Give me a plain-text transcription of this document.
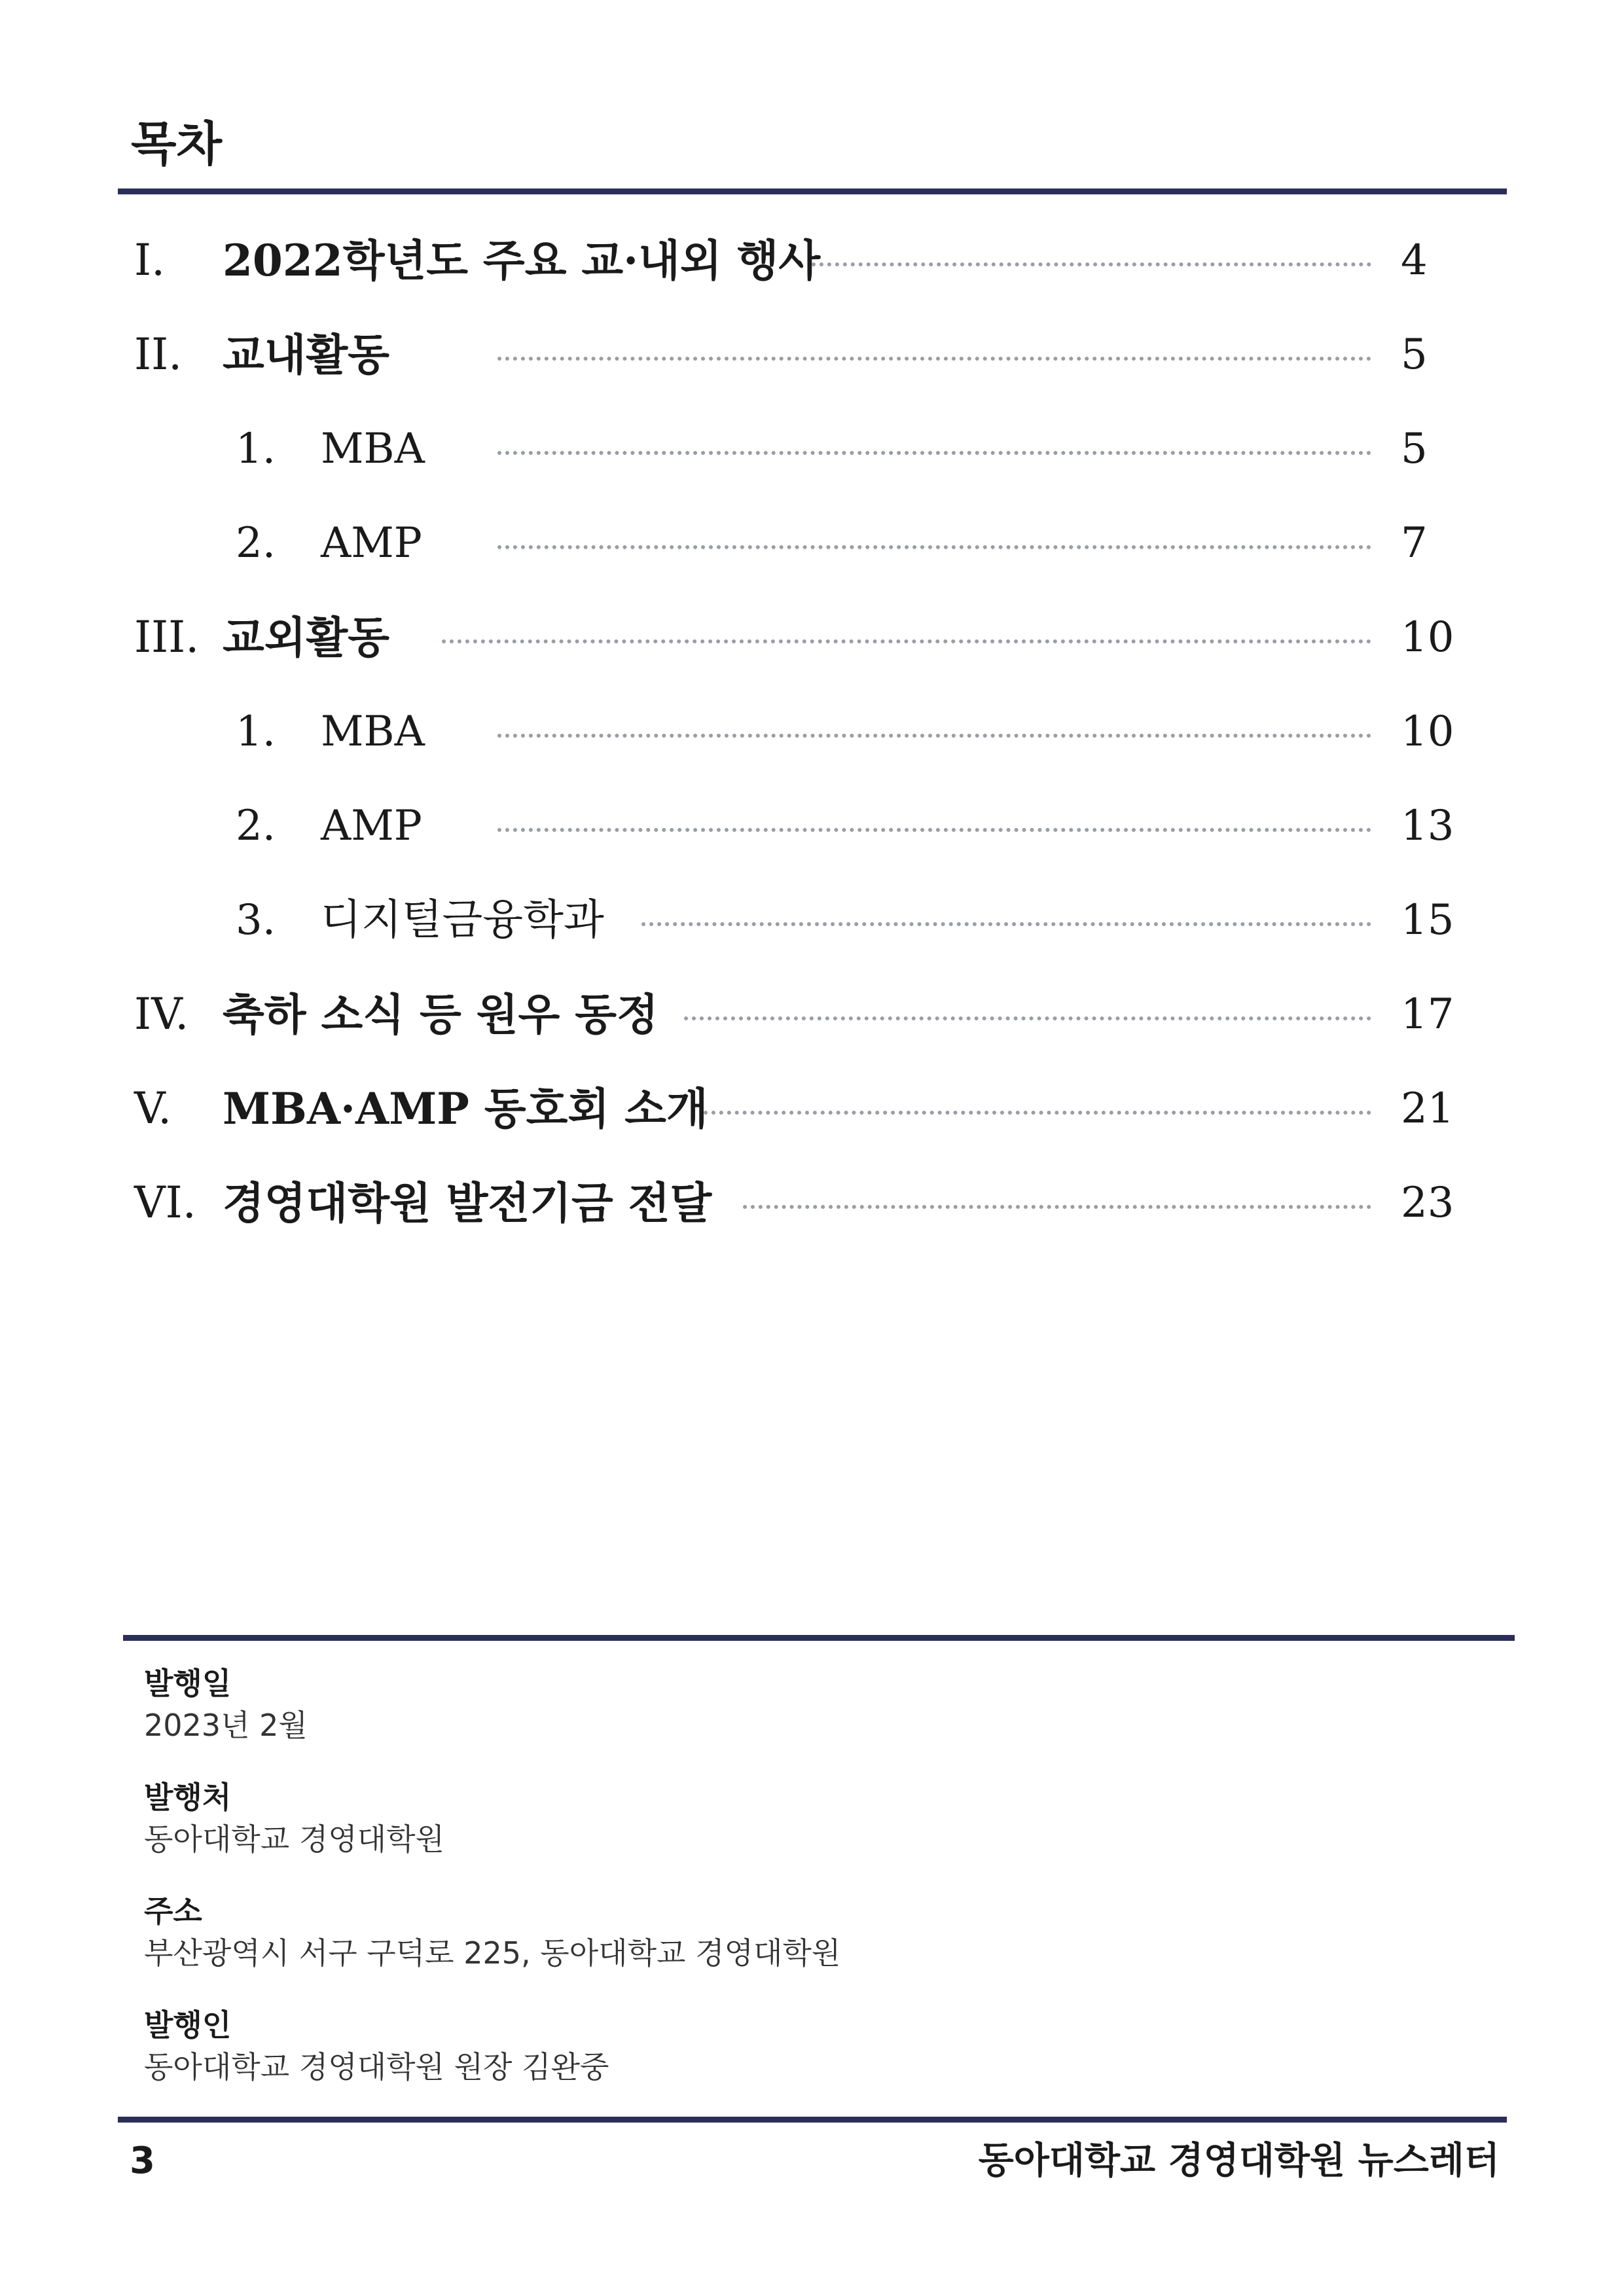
목차
I. 2022학년도 주요 교·내외 행사	4
II. 교내활동	5
1. MBA	5
2. AMP	7
III. 교외활동	10
1. MBA	10
2. AMP	13
3. 디지털금융학과	15
IV. 축하 소식 등 원우 동정	17
V. MBA·AMP 동호회 소개	21
VI. 경영대학원 발전기금 전달	23
발행일
2023년 2월
발행처
동아대학교 경영대학원
주소
부산광역시 서구 구덕로 225, 동아대학교 경영대학원
발행인
동아대학교 경영대학원 원장 김완중
3	동아대학교 경영대학원 뉴스레터
